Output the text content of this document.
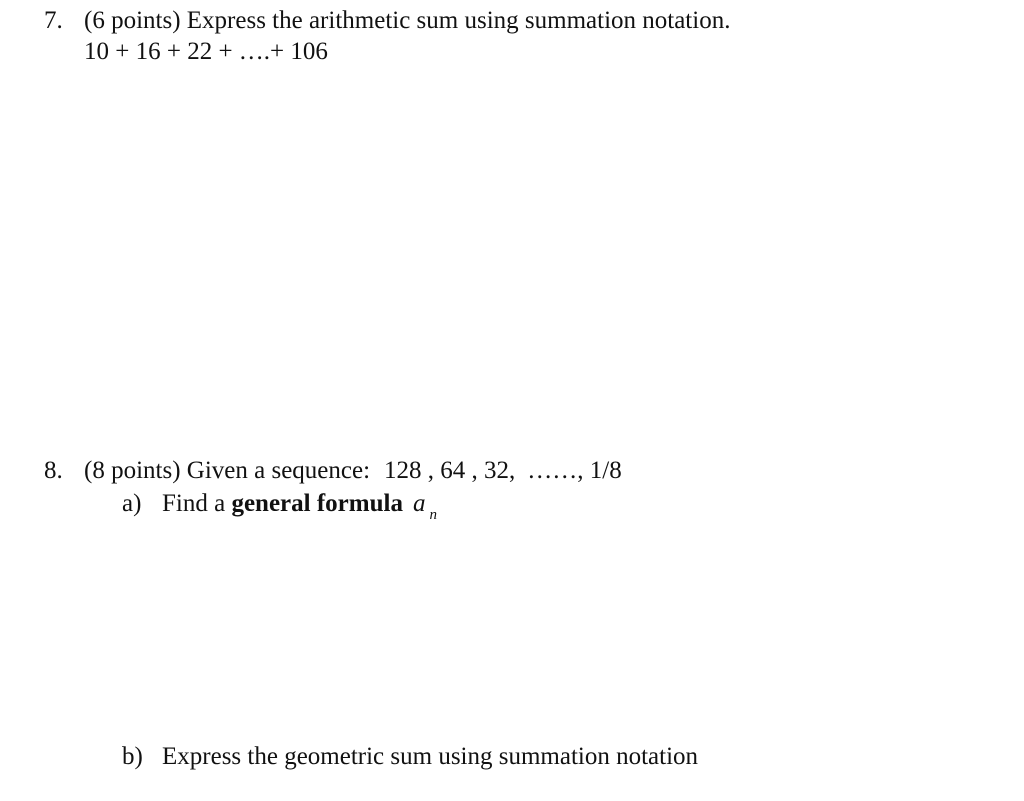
7. (6 points) Express the arithmetic sum using summation notation.
10 + 16 + 22 + ….+ 106
8. (8 points) Given a sequence: 128 , 64 , 32, ……, 1/8
a) Find a general formula a $_n$
b) Express the geometric sum using summation notation
